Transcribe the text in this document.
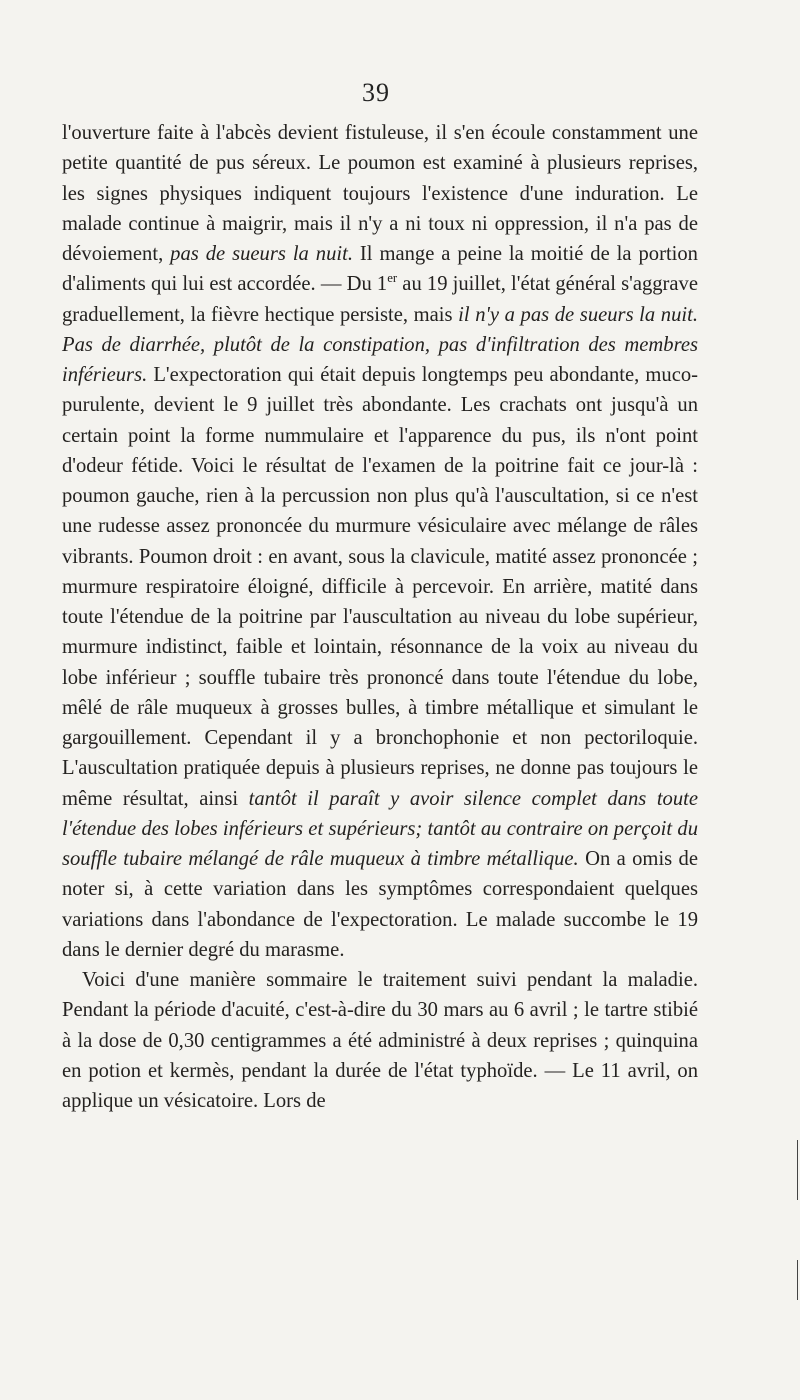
39

l'ouverture faite à l'abcès devient fistuleuse, il s'en écoule constamment une petite quantité de pus séreux. Le poumon est examiné à plusieurs reprises, les signes physiques indiquent toujours l'existence d'une induration. Le malade continue à maigrir, mais il n'y a ni toux ni oppression, il n'a pas de dévoiement, pas de sueurs la nuit. Il mange a peine la moitié de la portion d'aliments qui lui est accordée. — Du 1er au 19 juillet, l'état général s'aggrave graduellement, la fièvre hectique persiste, mais il n'y a pas de sueurs la nuit. Pas de diarrhée, plutôt de la constipation, pas d'infiltration des membres inférieurs. L'expectoration qui était depuis longtemps peu abondante, muco-purulente, devient le 9 juillet très abondante. Les crachats ont jusqu'à un certain point la forme nummulaire et l'apparence du pus, ils n'ont point d'odeur fétide. Voici le résultat de l'examen de la poitrine fait ce jour-là : poumon gauche, rien à la percussion non plus qu'à l'auscultation, si ce n'est une rudesse assez prononcée du murmure vésiculaire avec mélange de râles vibrants. Poumon droit : en avant, sous la clavicule, matité assez prononcée ; murmure respiratoire éloigné, difficile à percevoir. En arrière, matité dans toute l'étendue de la poitrine par l'auscultation au niveau du lobe supérieur, murmure indistinct, faible et lointain, résonnance de la voix au niveau du lobe inférieur ; souffle tubaire très prononcé dans toute l'étendue du lobe, mêlé de râle muqueux à grosses bulles, à timbre métallique et simulant le gargouillement. Cependant il y a bronchophonie et non pectoriloquie. L'auscultation pratiquée depuis à plusieurs reprises, ne donne pas toujours le même résultat, ainsi tantôt il paraît y avoir silence complet dans toute l'étendue des lobes inférieurs et supérieurs; tantôt au contraire on perçoit du souffle tubaire mélangé de râle muqueux à timbre métallique. On a omis de noter si, à cette variation dans les symptômes correspondaient quelques variations dans l'abondance de l'expectoration. Le malade succombe le 19 dans le dernier degré du marasme.

Voici d'une manière sommaire le traitement suivi pendant la maladie. Pendant la période d'acuité, c'est-à-dire du 30 mars au 6 avril ; le tartre stibié à la dose de 0,30 centigrammes a été administré à deux reprises ; quinquina en potion et kermès, pendant la durée de l'état typhoïde. — Le 11 avril, on applique un vésicatoire. Lors de
